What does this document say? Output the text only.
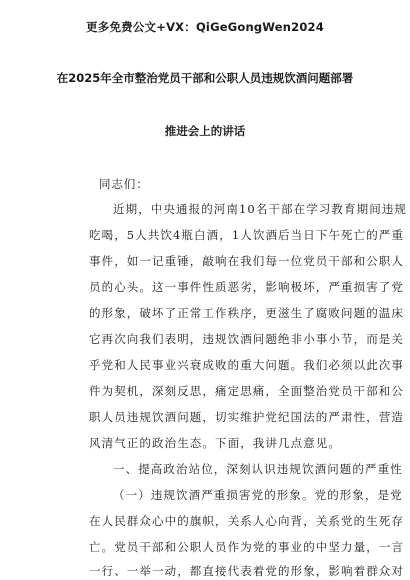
更多免费公文+VX：QiGeGongWen2024
在2025年全市整治党员干部和公职人员违规饮酒问题部署
推进会上的讲话
同志们：
近期，中央通报的河南10名干部在学习教育期间违规
吃喝，5人共饮4瓶白酒，1人饮酒后当日下午死亡的严重
事件，如一记重锤，敲响在我们每一位党员干部和公职人
员的心头。这一事件性质恶劣，影响极坏，严重损害了党
的形象，破坏了正常工作秩序，更滋生了腐败问题的温床
它再次向我们表明，违规饮酒问题绝非小事小节，而是关
乎党和人民事业兴衰成败的重大问题。我们必须以此次事
件为契机，深刻反思，痛定思痛，全面整治党员干部和公
职人员违规饮酒问题，切实维护党纪国法的严肃性，营造
风清气正的政治生态。下面，我讲几点意见。
一、提高政治站位，深刻认识违规饮酒问题的严重性
（一）违规饮酒严重损害党的形象。党的形象，是党
在人民群众心中的旗帜，关系人心向背，关系党的生死存
亡。党员干部和公职人员作为党的事业的中坚力量，一言
一行、一举一动，都直接代表着党的形象，影响着群众对
